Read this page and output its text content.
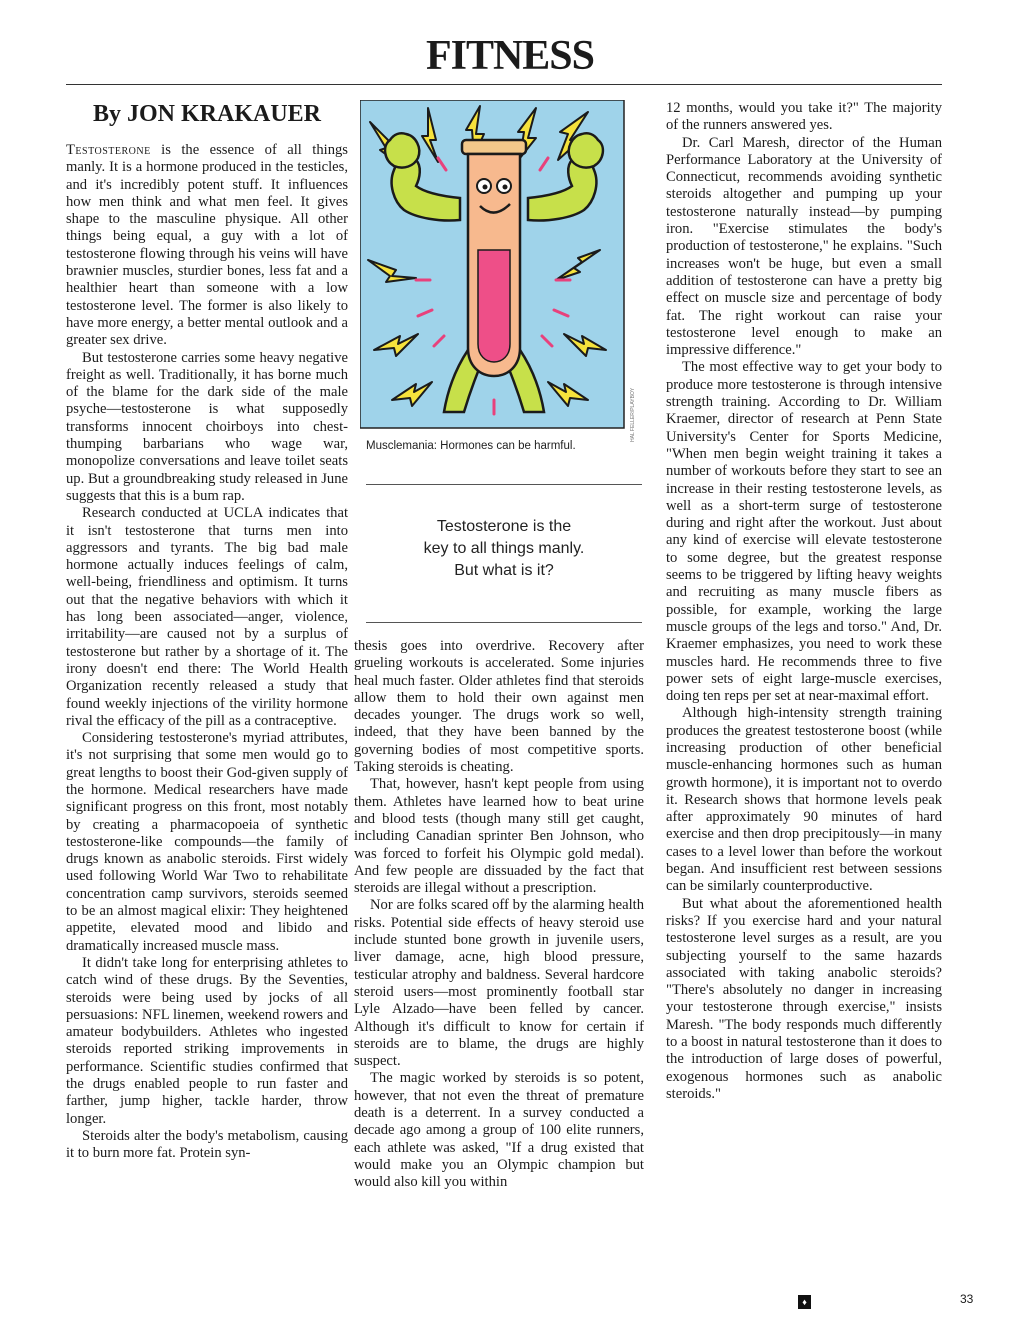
FITNESS
By JON KRAKAUER

Testosterone is the essence of all things manly. It is a hormone produced in the testicles, and it's incredibly potent stuff. It influences how men think and what men feel. It gives shape to the masculine physique. All other things being equal, a guy with a lot of testosterone flowing through his veins will have brawnier muscles, sturdier bones, less fat and a healthier heart than someone with a low testosterone level. The former is also likely to have more energy, a better mental outlook and a greater sex drive.

But testosterone carries some heavy negative freight as well. Traditionally, it has borne much of the blame for the dark side of the male psyche—testosterone is what supposedly transforms innocent choirboys into chest-thumping barbarians who wage war, monopolize conversations and leave toilet seats up. But a groundbreaking study released in June suggests that this is a bum rap.

Research conducted at UCLA indicates that it isn't testosterone that turns men into aggressors and tyrants. The big bad male hormone actually induces feelings of calm, well-being, friendliness and optimism. It turns out that the negative behaviors with which it has long been associated—anger, violence, irritability—are caused not by a surplus of testosterone but rather by a shortage of it. The irony doesn't end there: The World Health Organization recently released a study that found weekly injections of the virility hormone rival the efficacy of the pill as a contraceptive.

Considering testosterone's myriad attributes, it's not surprising that some men would go to great lengths to boost their God-given supply of the hormone. Medical researchers have made significant progress on this front, most notably by creating a pharmacopoeia of synthetic testosterone-like compounds—the family of drugs known as anabolic steroids. First widely used following World War Two to rehabilitate concentration camp survivors, steroids seemed to be an almost magical elixir: They heightened appetite, elevated mood and libido and dramatically increased muscle mass.

It didn't take long for enterprising athletes to catch wind of these drugs. By the Seventies, steroids were being used by jocks of all persuasions: NFL linemen, weekend rowers and amateur bodybuilders. Athletes who ingested steroids reported striking improvements in performance. Scientific studies confirmed that the drugs enabled people to run faster and farther, jump higher, tackle harder, throw longer.

Steroids alter the body's metabolism, causing it to burn more fat. Protein syn-

HAL FELLER/PLAYBOY
Musclemania: Hormones can be harmful.
Testosterone is the
key to all things manly.
But what is it?

thesis goes into overdrive. Recovery after grueling workouts is accelerated. Some injuries heal much faster. Older athletes find that steroids allow them to hold their own against men decades younger. The drugs work so well, indeed, that they have been banned by the governing bodies of most competitive sports. Taking steroids is cheating.

That, however, hasn't kept people from using them. Athletes have learned how to beat urine and blood tests (though many still get caught, including Canadian sprinter Ben Johnson, who was forced to forfeit his Olympic gold medal). And few people are dissuaded by the fact that steroids are illegal without a prescription.

Nor are folks scared off by the alarming health risks. Potential side effects of heavy steroid use include stunted bone growth in juvenile users, liver damage, acne, high blood pressure, testicular atrophy and baldness. Several hardcore steroid users—most prominently football star Lyle Alzado—have been felled by cancer. Although it's difficult to know for certain if steroids are to blame, the drugs are highly suspect.

The magic worked by steroids is so potent, however, that not even the threat of premature death is a deterrent. In a survey conducted a decade ago among a group of 100 elite runners, each athlete was asked, "If a drug existed that would make you an Olympic champion but would also kill you within

12 months, would you take it?" The majority of the runners answered yes.

Dr. Carl Maresh, director of the Human Performance Laboratory at the University of Connecticut, recommends avoiding synthetic steroids altogether and pumping up your testosterone naturally instead—by pumping iron. "Exercise stimulates the body's production of testosterone," he explains. "Such increases won't be huge, but even a small addition of testosterone can have a pretty big effect on muscle size and percentage of body fat. The right workout can raise your testosterone level enough to make an impressive difference."

The most effective way to get your body to produce more testosterone is through intensive strength training. According to Dr. William Kraemer, director of research at Penn State University's Center for Sports Medicine, "When men begin weight training it takes a number of workouts before they start to see an increase in their resting testosterone levels, as well as a short-term surge of testosterone during and right after the workout. Just about any kind of exercise will elevate testosterone to some degree, but the greatest response seems to be triggered by lifting heavy weights and recruiting as many muscle fibers as possible, for example, working the large muscle groups of the legs and torso." And, Dr. Kraemer emphasizes, you need to work these muscles hard. He recommends three to five power sets of eight large-muscle exercises, doing ten reps per set at near-maximal effort.

Although high-intensity strength training produces the greatest testosterone boost (while increasing production of other beneficial muscle-enhancing hormones such as human growth hormone), it is important not to overdo it. Research shows that hormone levels peak after approximately 90 minutes of hard exercise and then drop precipitously—in many cases to a level lower than before the workout began. And insufficient rest between sessions can be similarly counterproductive.

But what about the aforementioned health risks? If you exercise hard and your natural testosterone level surges as a result, are you subjecting yourself to the same hazards associated with taking anabolic steroids? "There's absolutely no danger in increasing your testosterone through exercise," insists Maresh. "The body responds much differently to a boost in natural testosterone than it does to the introduction of large doses of powerful, exogenous hormones such as anabolic steroids."

♦	33
